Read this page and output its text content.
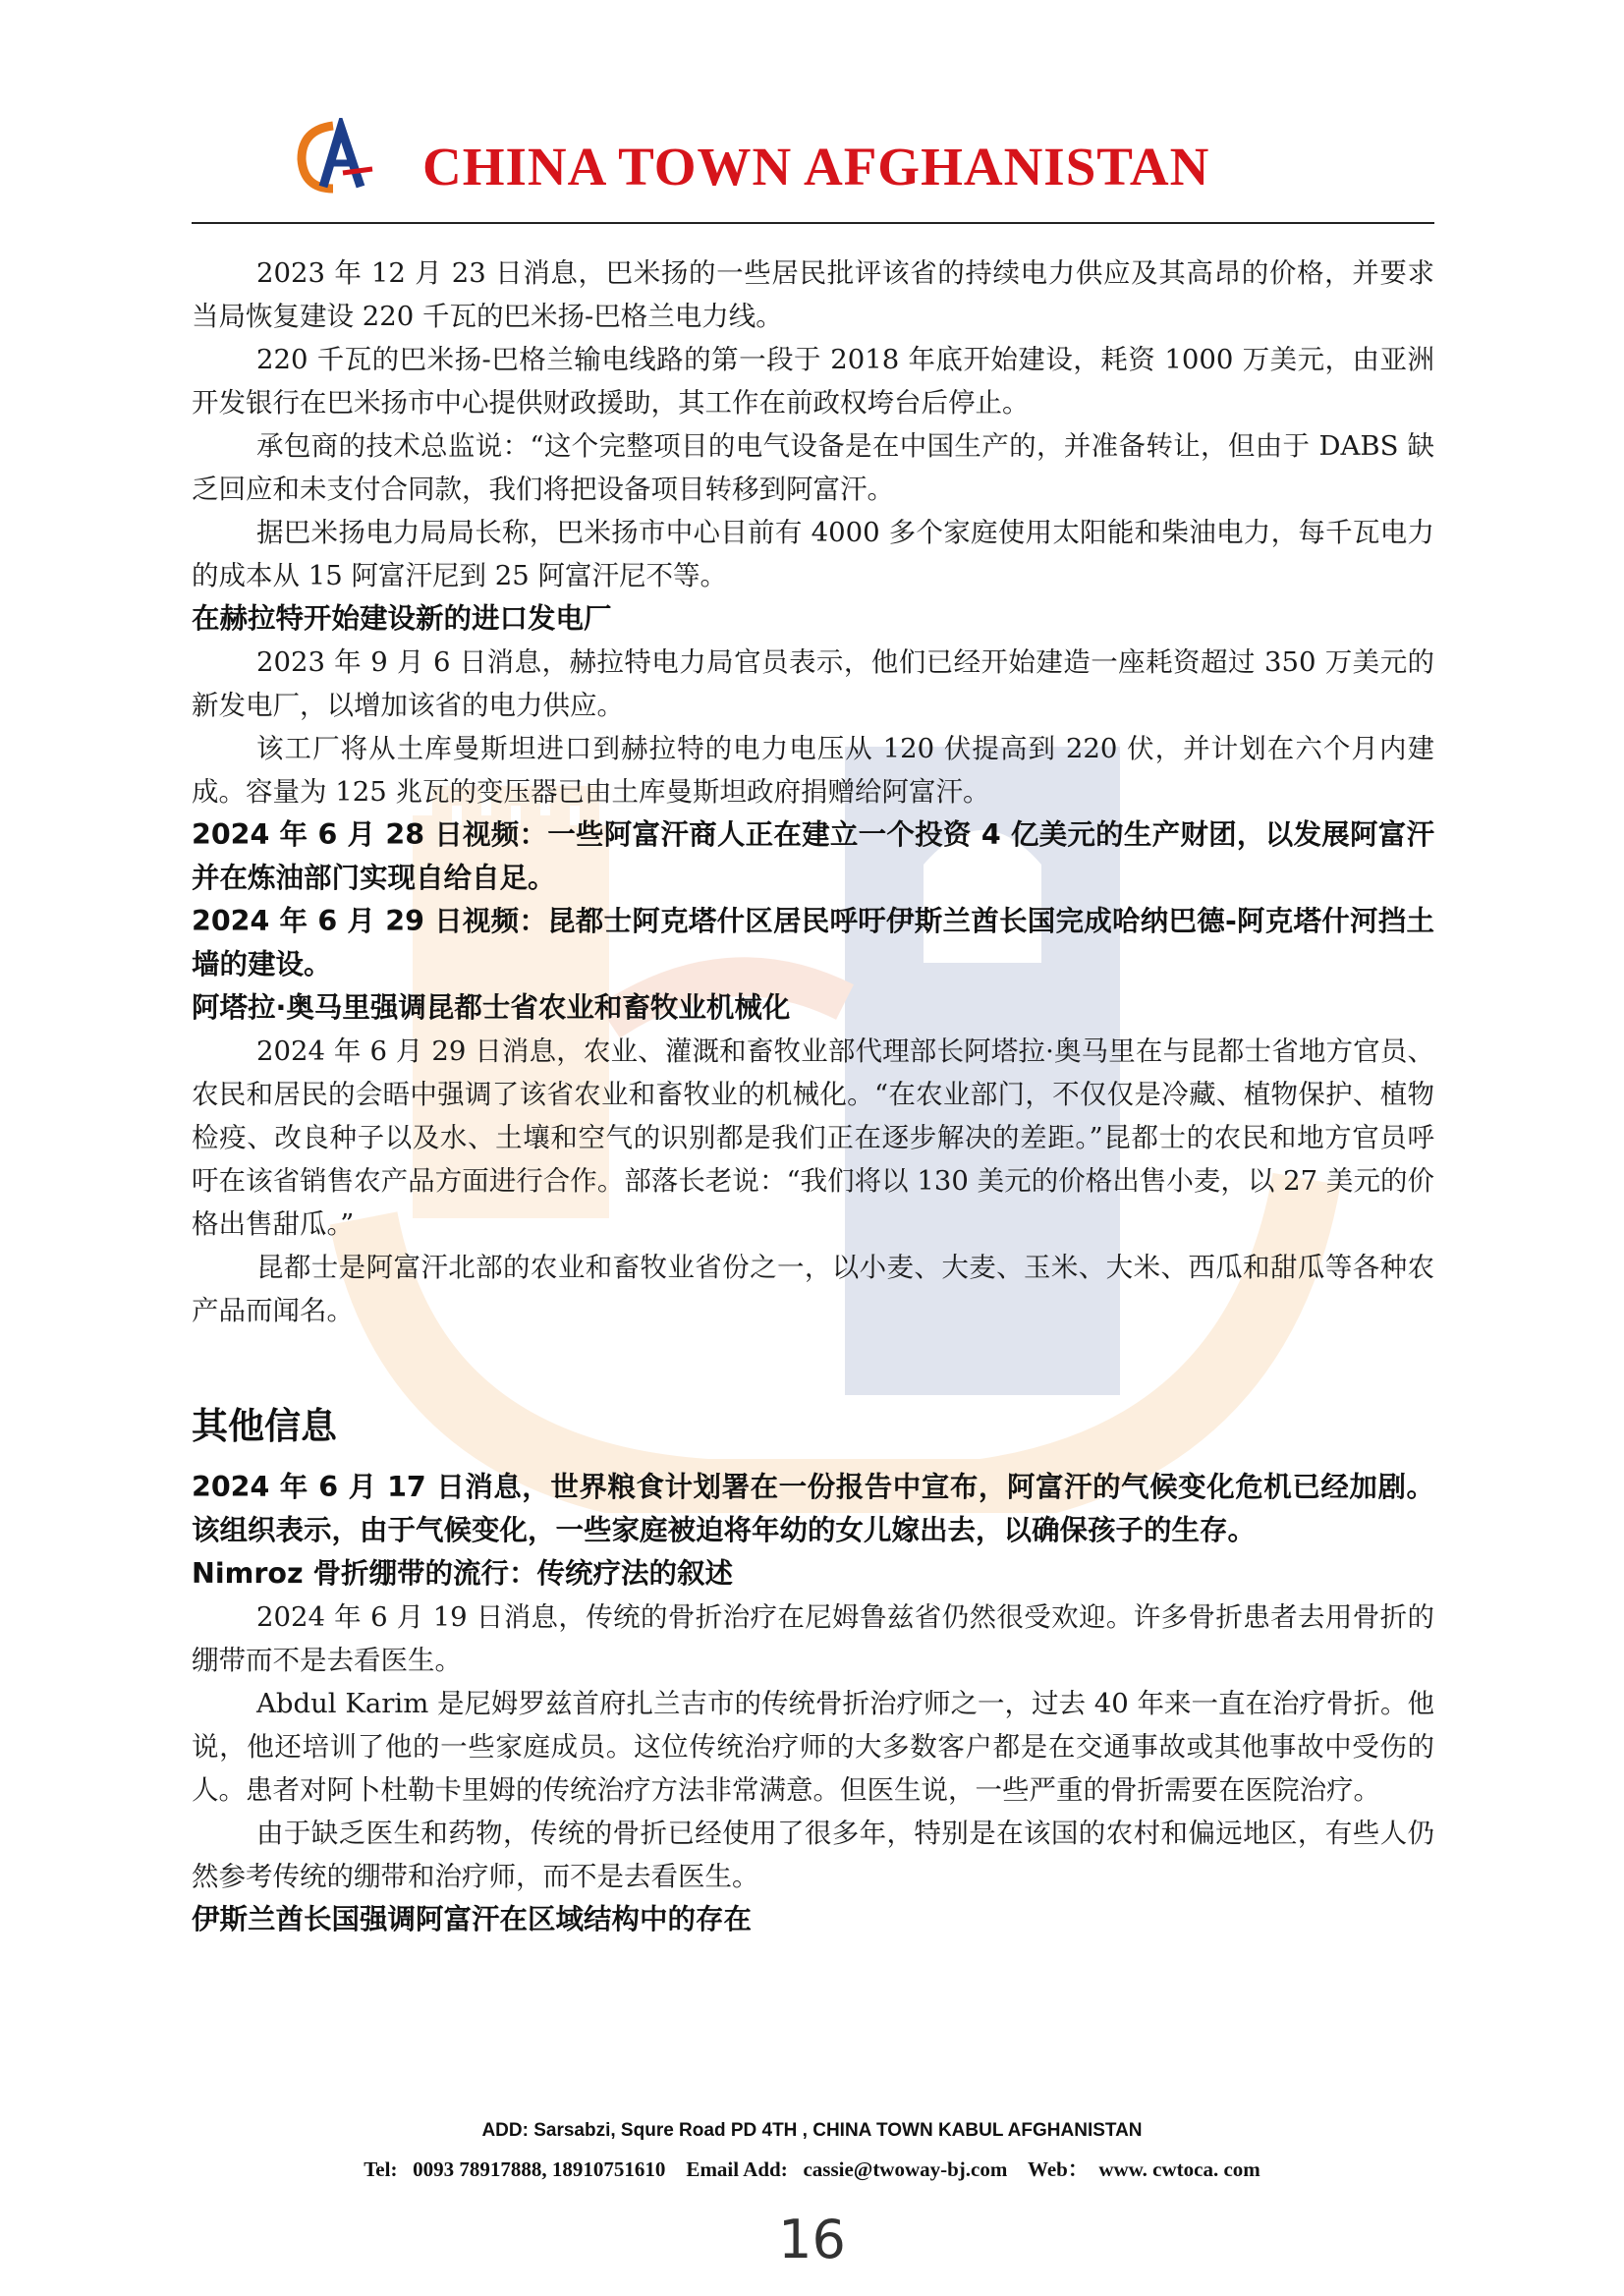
CHINA TOWN AFGHANISTAN

2023 年 12 月 23 日消息，巴米扬的一些居民批评该省的持续电力供应及其高昂的价格，并要求当局恢复建设 220 千瓦的巴米扬-巴格兰电力线。

220 千瓦的巴米扬-巴格兰输电线路的第一段于 2018 年底开始建设，耗资 1000 万美元，由亚洲开发银行在巴米扬市中心提供财政援助，其工作在前政权垮台后停止。

承包商的技术总监说：“这个完整项目的电气设备是在中国生产的，并准备转让，但由于 DABS 缺乏回应和未支付合同款，我们将把设备项目转移到阿富汗。

据巴米扬电力局局长称，巴米扬市中心目前有 4000 多个家庭使用太阳能和柴油电力，每千瓦电力的成本从 15 阿富汗尼到 25 阿富汗尼不等。

在赫拉特开始建设新的进口发电厂

2023 年 9 月 6 日消息，赫拉特电力局官员表示，他们已经开始建造一座耗资超过 350 万美元的新发电厂，以增加该省的电力供应。

该工厂将从土库曼斯坦进口到赫拉特的电力电压从 120 伏提高到 220 伏，并计划在六个月内建成。容量为 125 兆瓦的变压器已由土库曼斯坦政府捐赠给阿富汗。

2024 年 6 月 28 日视频：一些阿富汗商人正在建立一个投资 4 亿美元的生产财团，以发展阿富汗并在炼油部门实现自给自足。

2024 年 6 月 29 日视频：昆都士阿克塔什区居民呼吁伊斯兰酋长国完成哈纳巴德-阿克塔什河挡土墙的建设。

阿塔拉·奥马里强调昆都士省农业和畜牧业机械化

2024 年 6 月 29 日消息，农业、灌溉和畜牧业部代理部长阿塔拉·奥马里在与昆都士省地方官员、农民和居民的会晤中强调了该省农业和畜牧业的机械化。“在农业部门，不仅仅是冷藏、植物保护、植物检疫、改良种子以及水、土壤和空气的识别都是我们正在逐步解决的差距。”昆都士的农民和地方官员呼吁在该省销售农产品方面进行合作。部落长老说：“我们将以 130 美元的价格出售小麦，以 27 美元的价格出售甜瓜。”

昆都士是阿富汗北部的农业和畜牧业省份之一，以小麦、大麦、玉米、大米、西瓜和甜瓜等各种农产品而闻名。

其他信息

2024 年 6 月 17 日消息，世界粮食计划署在一份报告中宣布，阿富汗的气候变化危机已经加剧。该组织表示，由于气候变化，一些家庭被迫将年幼的女儿嫁出去，以确保孩子的生存。

Nimroz 骨折绷带的流行：传统疗法的叙述

2024 年 6 月 19 日消息，传统的骨折治疗在尼姆鲁兹省仍然很受欢迎。许多骨折患者去用骨折的绷带而不是去看医生。

Abdul Karim 是尼姆罗兹首府扎兰吉市的传统骨折治疗师之一，过去 40 年来一直在治疗骨折。他说，他还培训了他的一些家庭成员。这位传统治疗师的大多数客户都是在交通事故或其他事故中受伤的人。患者对阿卜杜勒卡里姆的传统治疗方法非常满意。但医生说，一些严重的骨折需要在医院治疗。

由于缺乏医生和药物，传统的骨折已经使用了很多年，特别是在该国的农村和偏远地区，有些人仍然参考传统的绷带和治疗师，而不是去看医生。

伊斯兰酋长国强调阿富汗在区域结构中的存在

ADD: Sarsabzi, Squre Road PD 4TH , CHINA TOWN KABUL AFGHANISTAN
Tel:   0093 78917888, 18910751610    Email Add:   cassie@twoway-bj.com    Web：  www. cwtoca. com
16
